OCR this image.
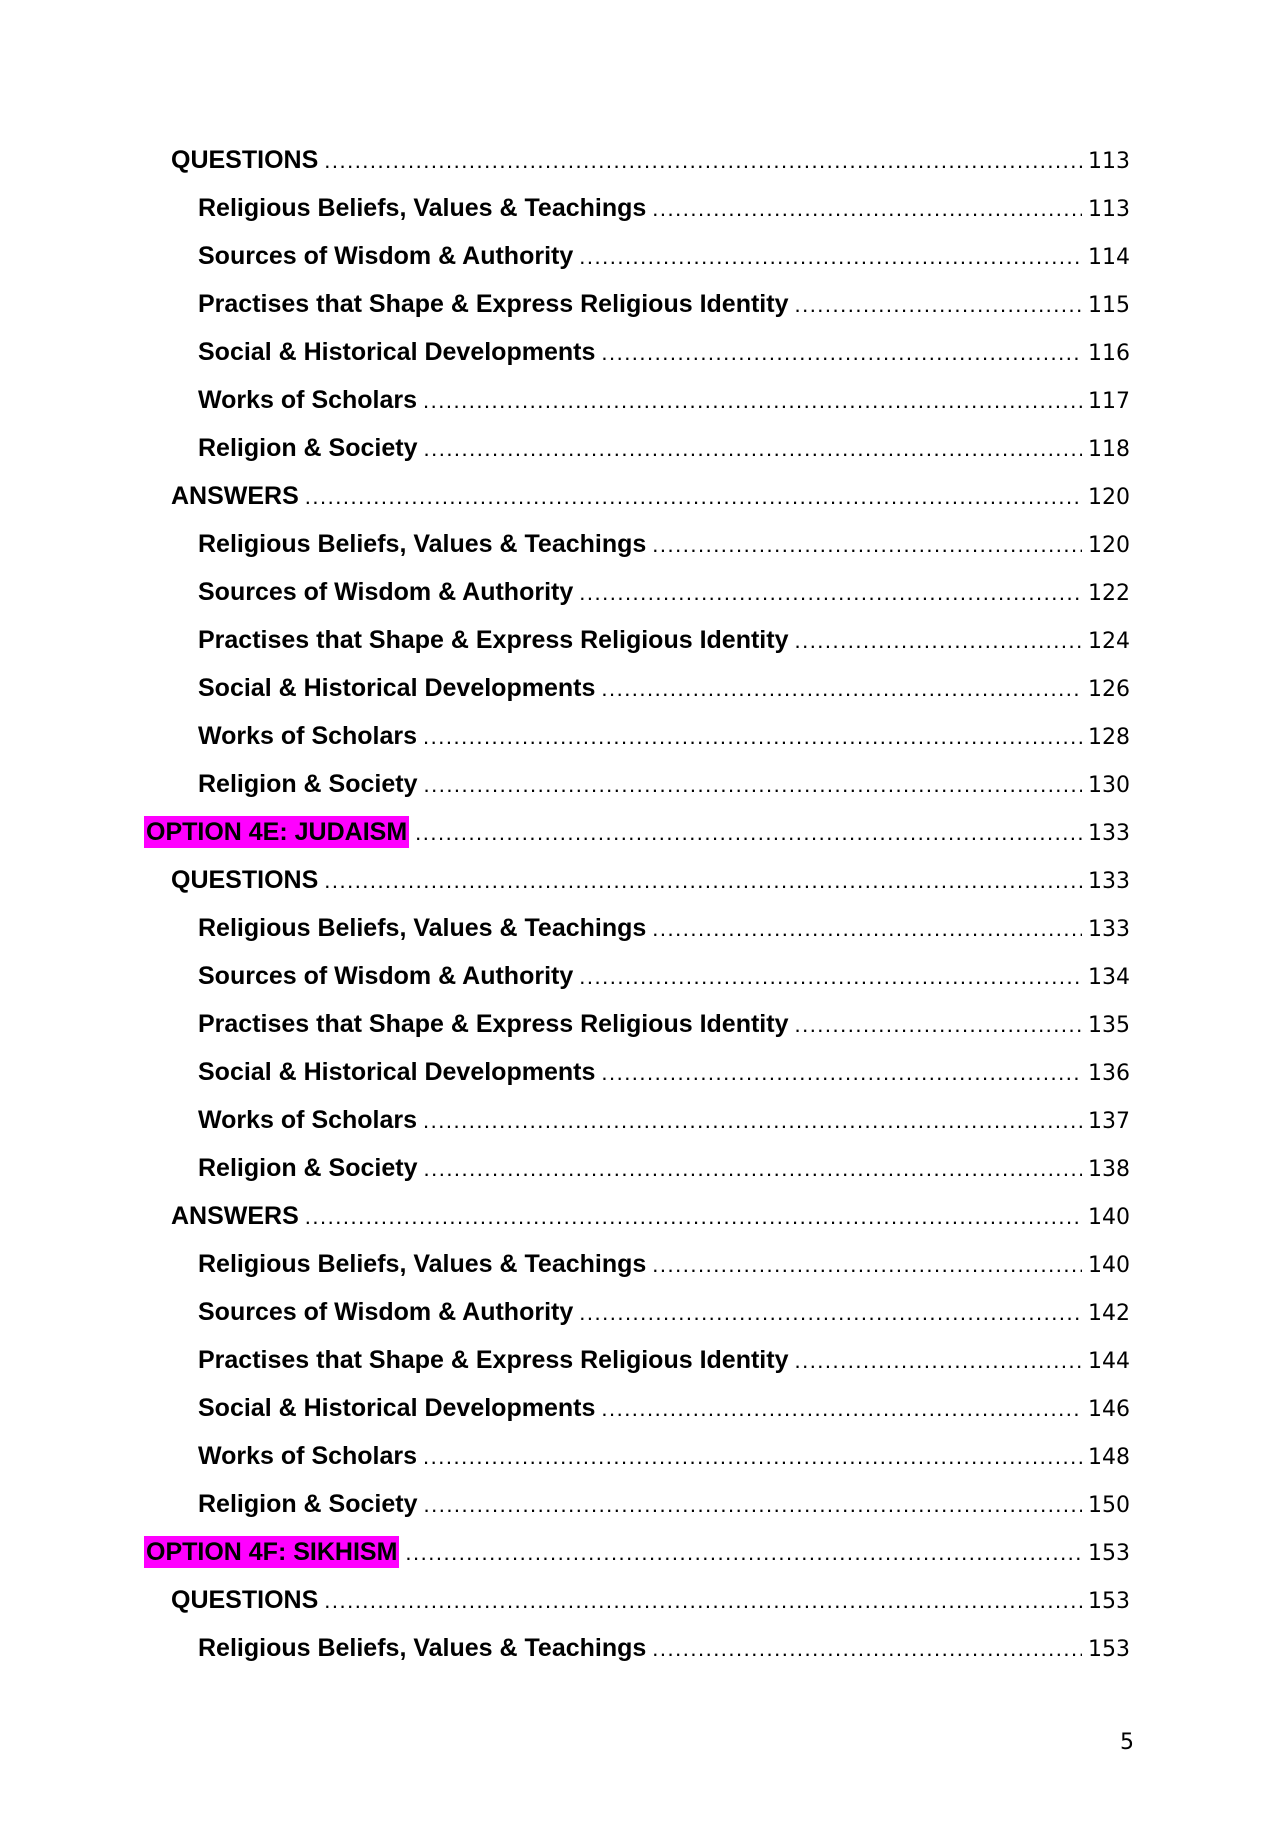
QUESTIONS .....	113
Religious Beliefs, Values & Teachings .....	113
Sources of Wisdom & Authority .....	114
Practises that Shape & Express Religious Identity .....	115
Social & Historical Developments .....	116
Works of Scholars .....	117
Religion & Society .....	118
ANSWERS .....	120
Religious Beliefs, Values & Teachings .....	120
Sources of Wisdom & Authority .....	122
Practises that Shape & Express Religious Identity .....	124
Social & Historical Developments .....	126
Works of Scholars .....	128
Religion & Society .....	130
OPTION 4E: JUDAISM .....	133
QUESTIONS .....	133
Religious Beliefs, Values & Teachings .....	133
Sources of Wisdom & Authority .....	134
Practises that Shape & Express Religious Identity .....	135
Social & Historical Developments .....	136
Works of Scholars .....	137
Religion & Society .....	138
ANSWERS .....	140
Religious Beliefs, Values & Teachings .....	140
Sources of Wisdom & Authority .....	142
Practises that Shape & Express Religious Identity .....	144
Social & Historical Developments .....	146
Works of Scholars .....	148
Religion & Society .....	150
OPTION 4F: SIKHISM .....	153
QUESTIONS .....	153
Religious Beliefs, Values & Teachings .....	153
5
